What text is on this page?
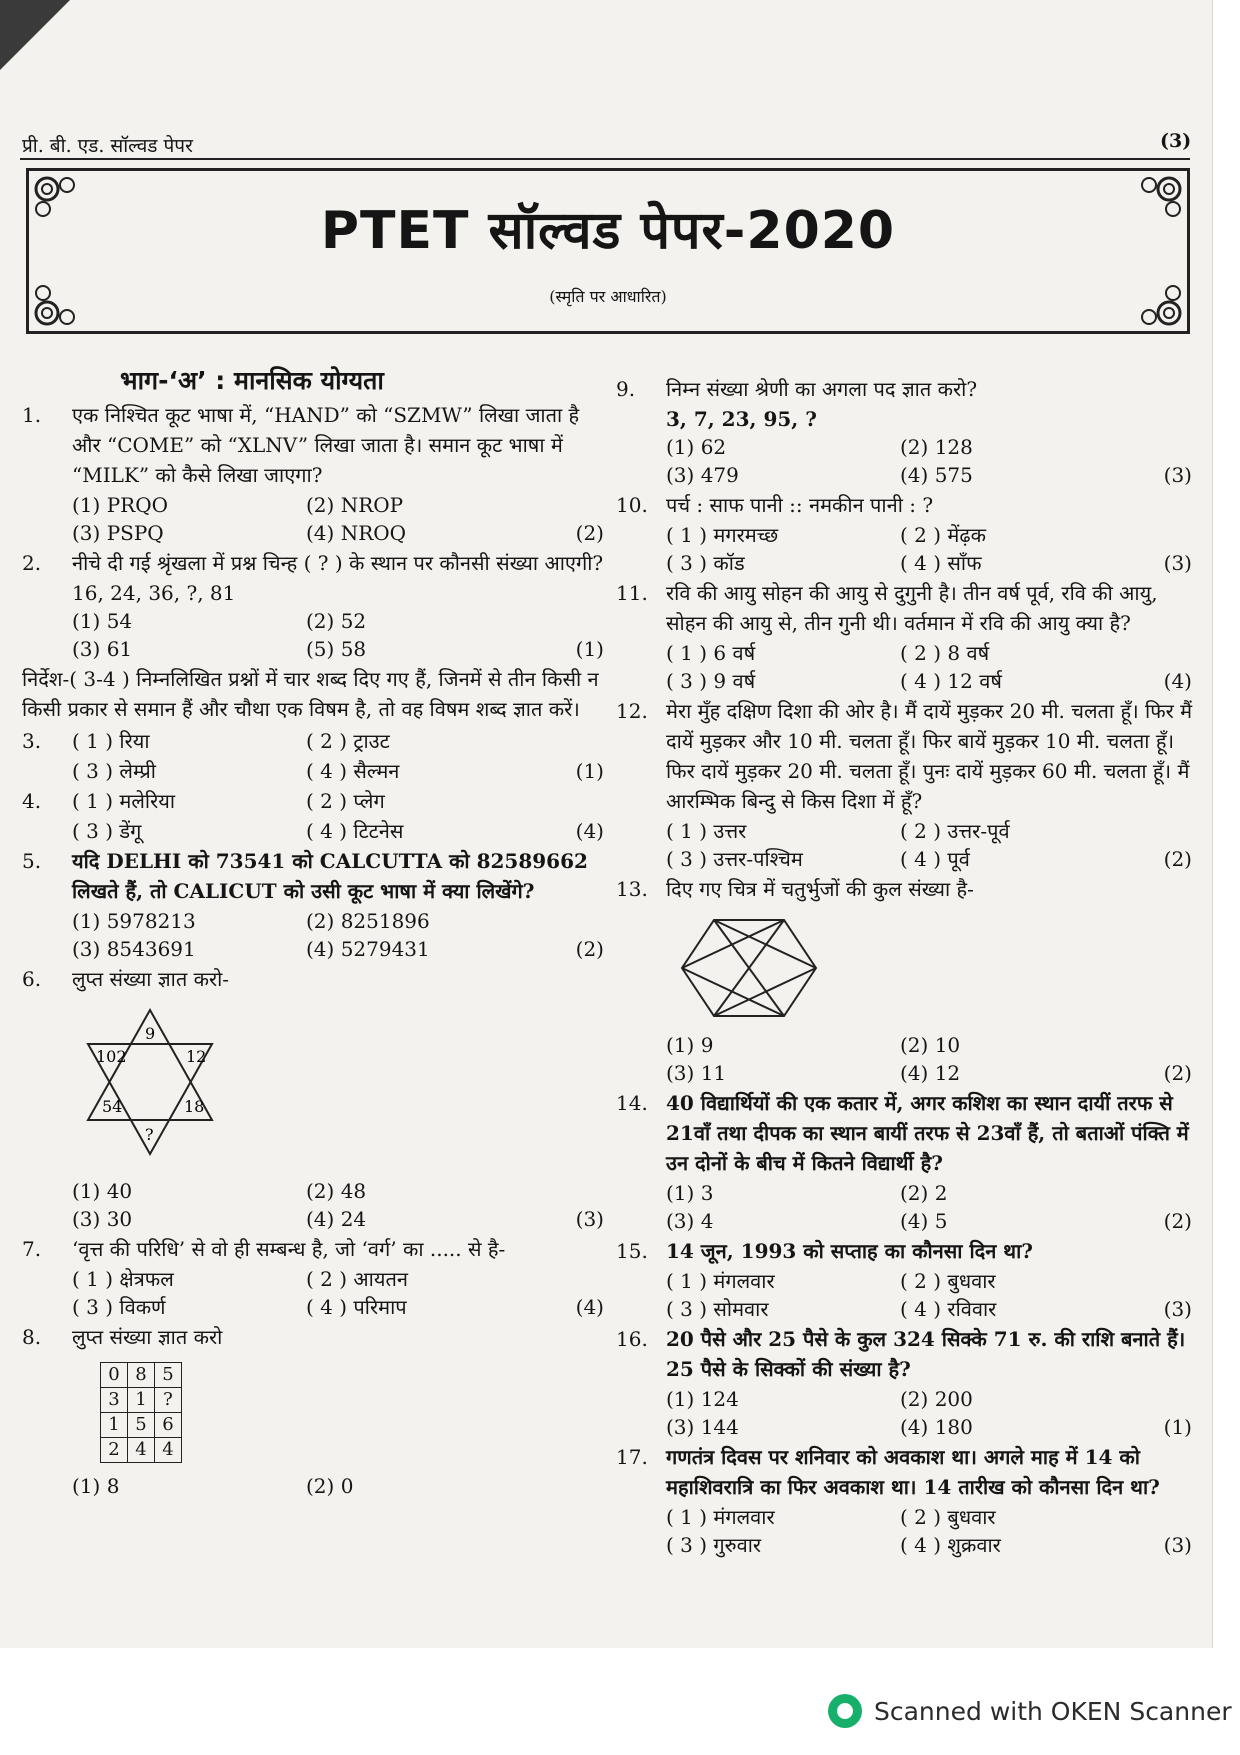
प्री. बी. एड. सॉल्वड पेपर	(3)
PTET सॉल्वड पेपर-2020
(स्मृति पर आधारित)
भाग-‘अ’ : मानसिक योग्यता
1.	एक निश्चित कूट भाषा में, “HAND” को “SZMW” लिखा जाता है और “COME” को “XLNV” लिखा जाता है। समान कूट भाषा में “MILK” को कैसे लिखा जाएगा?
(1) PRQO	(2) NROP
(3) PSPQ	(4) NROQ	(2)
2.	नीचे दी गई श्रृंखला में प्रश्न चिन्ह ( ? ) के स्थान पर कौनसी संख्या आएगी?
16, 24, 36, ?, 81
(1) 54	(2) 52
(3) 61	(5) 58	(1)
निर्देश-( 3-4 ) निम्नलिखित प्रश्नों में चार शब्द दिए गए हैं, जिनमें से तीन किसी न किसी प्रकार से समान हैं और चौथा एक विषम है, तो वह विषम शब्द ज्ञात करें।
3.	( 1 ) रिया	( 2 ) ट्राउट
( 3 ) लेम्प्री	( 4 ) सैल्मन	(1)
4.	( 1 ) मलेरिया	( 2 ) प्लेग
( 3 ) डेंगू	( 4 ) टिटनेस	(4)
5.	यदि DELHI को 73541 को CALCUTTA को 82589662 लिखते हैं, तो CALICUT को उसी कूट भाषा में क्या लिखेंगे?
(1) 5978213	(2) 8251896
(3) 8543691	(4) 5279431	(2)
6.	लुप्त संख्या ज्ञात करो-
9
102	12
54	18
?
(1) 40	(2) 48
(3) 30	(4) 24	(3)
7.	‘वृत्त की परिधि’ से वो ही सम्बन्ध है, जो ‘वर्ग’ का ..... से है-
( 1 ) क्षेत्रफल	( 2 ) आयतन
( 3 ) विकर्ण	( 4 ) परिमाप	(4)
8.	लुप्त संख्या ज्ञात करो
0	8	5
3	1	?
1	5	6
2	4	4
(1) 8	(2) 0
9.	निम्न संख्या श्रेणी का अगला पद ज्ञात करो?
3, 7, 23, 95, ?
(1) 62	(2) 128
(3) 479	(4) 575	(3)
10. पर्च : साफ पानी :: नमकीन पानी : ?
( 1 ) मगरमच्छ	( 2 ) मेंढ़क
( 3 ) कॉड	( 4 ) सॉंफ	(3)
11. रवि की आयु सोहन की आयु से दुगुनी है। तीन वर्ष पूर्व, रवि की आयु, सोहन की आयु से, तीन गुनी थी। वर्तमान में रवि की आयु क्या है?
( 1 ) 6 वर्ष	( 2 ) 8 वर्ष
( 3 ) 9 वर्ष	( 4 ) 12 वर्ष	(4)
12. मेरा मुँह दक्षिण दिशा की ओर है। मैं दायें मुड़कर 20 मी. चलता हूँ। फिर मैं दायें मुड़कर और 10 मी. चलता हूँ। फिर बायें मुड़कर 10 मी. चलता हूँ। फिर दायें मुड़कर 20 मी. चलता हूँ। पुनः दायें मुड़कर 60 मी. चलता हूँ। मैं आरम्भिक बिन्दु से किस दिशा में हूँ?
( 1 ) उत्तर	( 2 ) उत्तर-पूर्व
( 3 ) उत्तर-पश्चिम	( 4 ) पूर्व	(2)
13. दिए गए चित्र में चतुर्भुजों की कुल संख्या है-
(1) 9	(2) 10
(3) 11	(4) 12	(2)
14. 40 विद्यार्थियों की एक कतार में, अगर कशिश का स्थान दायीं तरफ से 21वाँ तथा दीपक का स्थान बायीं तरफ से 23वाँ हैं, तो बताओं पंक्ति में उन दोनों के बीच में कितने विद्यार्थी है?
(1) 3	(2) 2
(3) 4	(4) 5	(2)
15. 14 जून, 1993 को सप्ताह का कौनसा दिन था?
( 1 ) मंगलवार	( 2 ) बुधवार
( 3 ) सोमवार	( 4 ) रविवार	(3)
16. 20 पैसे और 25 पैसे के कुल 324 सिक्के 71 रु. की राशि बनाते हैं। 25 पैसे के सिक्कों की संख्या है?
(1) 124	(2) 200
(3) 144	(4) 180	(1)
17. गणतंत्र दिवस पर शनिवार को अवकाश था। अगले माह में 14 को महाशिवरात्रि का फिर अवकाश था। 14 तारीख को कौनसा दिन था?
( 1 ) मंगलवार	( 2 ) बुधवार
( 3 ) गुरुवार	( 4 ) शुक्रवार	(3)
Scanned with OKEN Scanner
